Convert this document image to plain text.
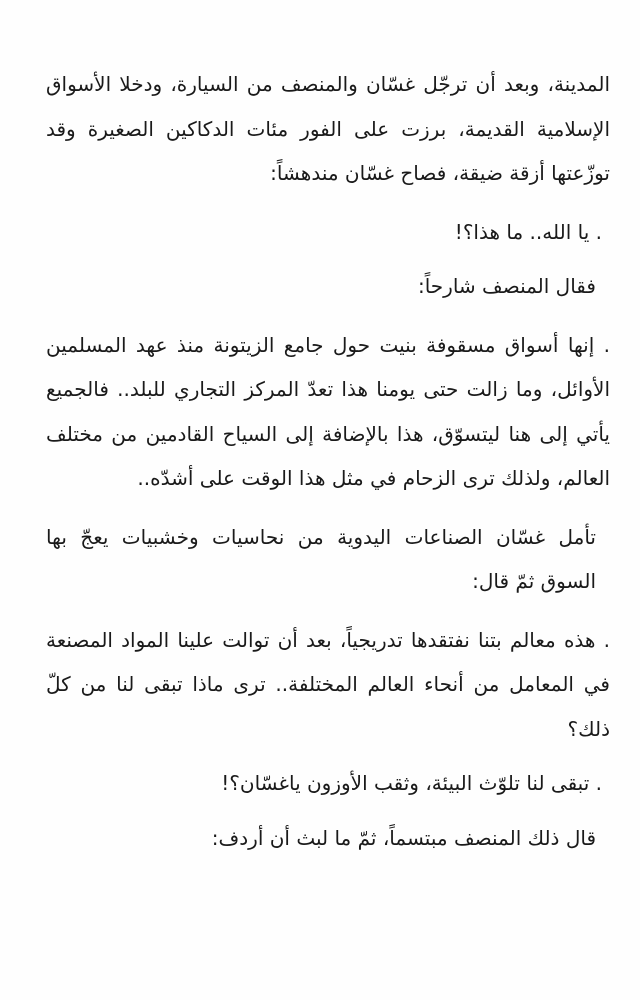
المدينة، وبعد أن ترجّل غسّان والمنصف من السيارة، ودخلا الأسواق الإسلامية القديمة، برزت على الفور مئات الدكاكين الصغيرة وقد توزّعتها أزقة ضيقة، فصاح غسّان مندهشاً:

. يا الله.. ما هذا؟!

فقال المنصف شارحاً:

. إنها أسواق مسقوفة بنيت حول جامع الزيتونة منذ عهد المسلمين الأوائل، وما زالت حتى يومنا هذا تعدّ المركز التجاري للبلد.. فالجميع يأتي إلى هنا ليتسوّق، هذا بالإضافة إلى السياح القادمين من مختلف العالم، ولذلك ترى الزحام في مثل هذا الوقت على أشدّه..

تأمل غسّان الصناعات اليدوية من نحاسيات وخشبيات يعجّ بها السوق ثمّ قال:

. هذه معالم بتنا نفتقدها تدريجياً، بعد أن توالت علينا المواد المصنعة في المعامل من أنحاء العالم المختلفة.. ترى ماذا تبقى لنا من كلّ ذلك؟

. تبقى لنا تلوّث البيئة، وثقب الأوزون ياغسّان؟!

قال ذلك المنصف مبتسماً، ثمّ ما لبث أن أردف:
